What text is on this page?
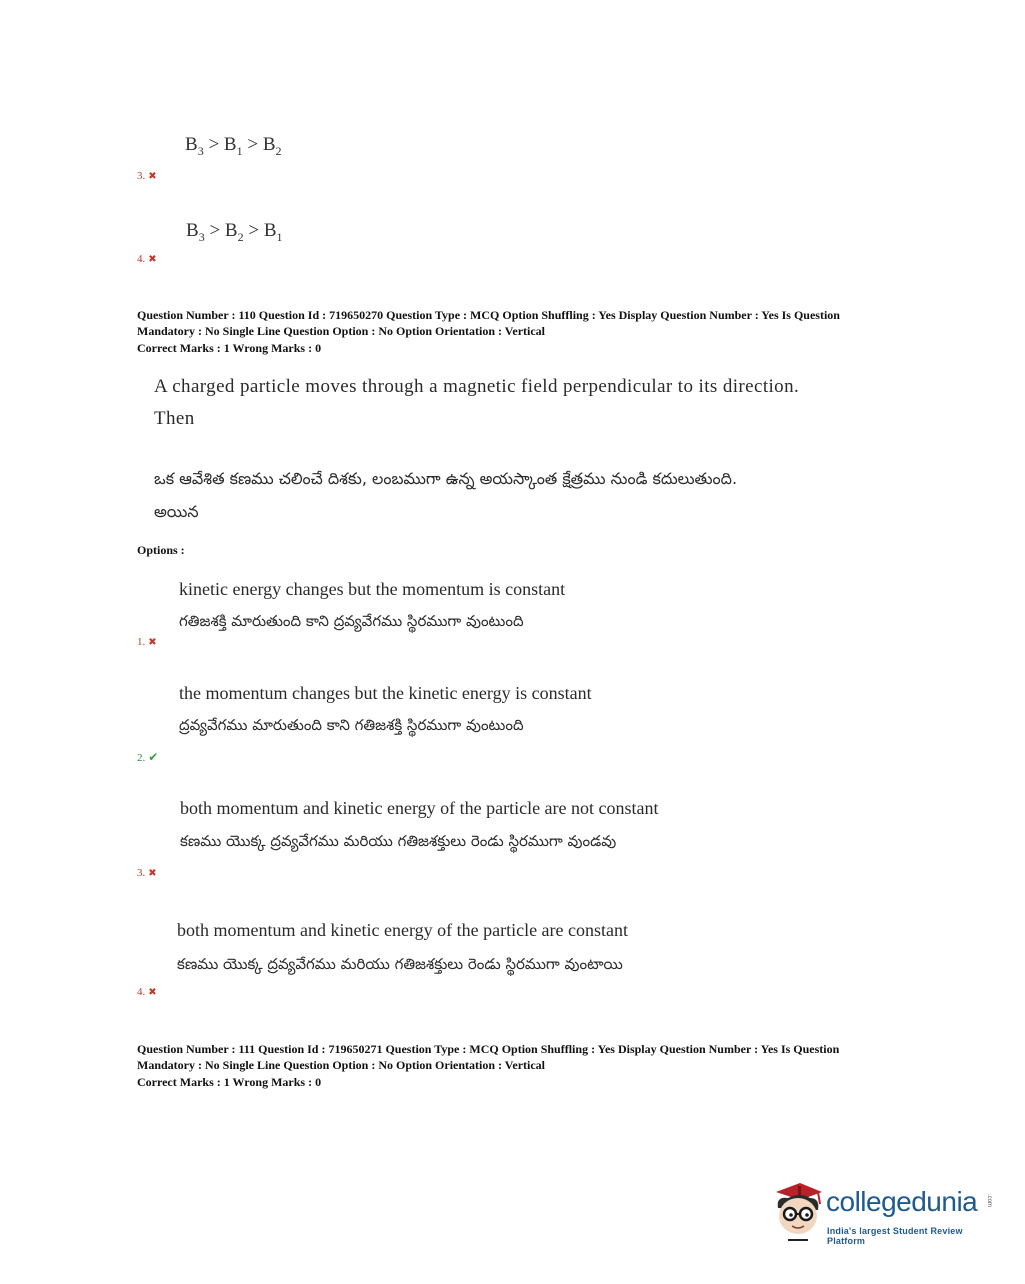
$B_3 > B_1 > B_2$
3. ✖
$B_3 > B_2 > B_1$
4. ✖
Question Number : 110 Question Id : 719650270 Question Type : MCQ Option Shuffling : Yes Display Question Number : Yes Is Question
Mandatory : No Single Line Question Option : No Option Orientation : Vertical
Correct Marks : 1 Wrong Marks : 0
A charged particle moves through a magnetic field perpendicular to its direction.
Then
ఒక ఆవేశిత కణము చలించే దిశకు, లంబముగా ఉన్న అయస్కాంత క్షేత్రము నుండి కదులుతుంది.
అయిన
Options :
kinetic energy changes but the momentum is constant
గతిజశక్తి మారుతుంది కాని ద్రవ్యవేగము స్థిరముగా వుంటుంది
1. ✖
the momentum changes but the kinetic energy is constant
ద్రవ్యవేగము మారుతుంది కాని గతిజశక్తి స్థిరముగా వుంటుంది
2. ✔
both momentum and kinetic energy of the particle are not constant
కణము యొక్క ద్రవ్యవేగము మరియు గతిజశక్తులు రెండు స్థిరముగా వుండవు
3. ✖
both momentum and kinetic energy of the particle are constant
కణము యొక్క ద్రవ్యవేగము మరియు గతిజశక్తులు రెండు స్థిరముగా వుంటాయి
4. ✖
Question Number : 111 Question Id : 719650271 Question Type : MCQ Option Shuffling : Yes Display Question Number : Yes Is Question
Mandatory : No Single Line Question Option : No Option Orientation : Vertical
Correct Marks : 1 Wrong Marks : 0
collegedunia .com
India's largest Student Review Platform
